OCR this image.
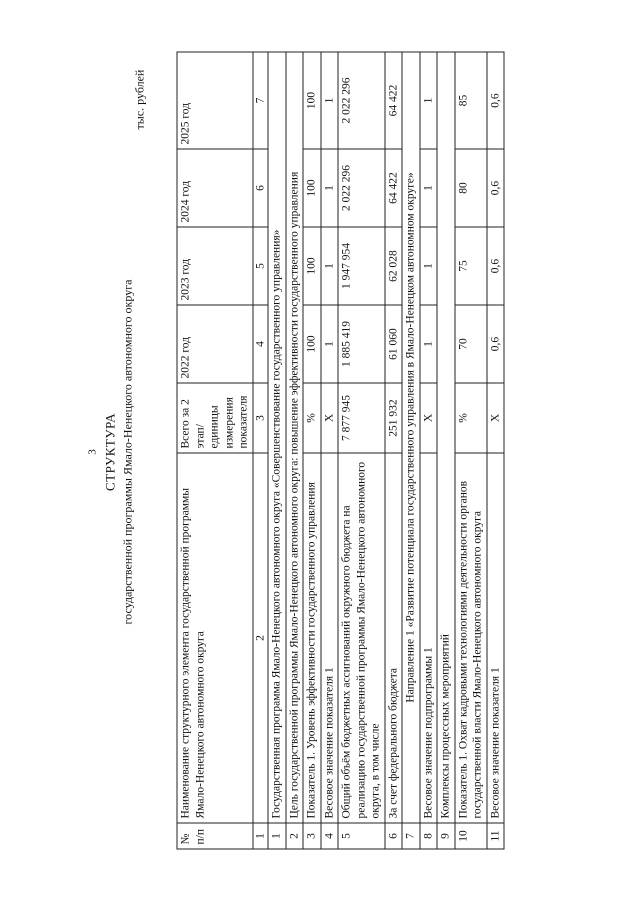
3 СТРУКТУРА государственной программы Ямало-Ненецкого автономного округа
тыс. рублей
№ п/п	Наименование структурного элемента государственной программы Ямало-Ненецкого автономного округа	Всего за 2 этап/ единицы измерения показателя	2022 год	2023 год	2024 год	2025 год
1	2	3	4	5	6	7
1	Государственная программа Ямало-Ненецкого автономного округа «Совершенствование государственного управления»					
2	Цель государственной программы Ямало-Ненецкого автономного округа: повышение эффективности государственного управления					
3	Показатель 1. Уровень эффективности государственного управления	%	100	100	100	100
4	Весовое значение показателя 1	Х	1	1	1	1
5	Общий объём бюджетных ассигнований окружного бюджета на реализацию государственной программы Ямало-Ненецкого автономного округа, в том числе	7 877 945	1 885 419	1 947 954	2 022 296	2 022 296
6	За счет федерального бюджета	251 932	61 060	62 028	64 422	64 422
7	Направление 1 «Развитие потенциала государственного управления в Ямало-Ненецком автономном округе»					
8	Весовое значение подпрограммы 1	Х	1	1	1	1
9	Комплексы процессных мероприятий					
10	Показатель 1. Охват кадровыми технологиями деятельности органов государственной власти Ямало-Ненецкого автономного округа	%	70	75	80	85
11	Весовое значение показателя 1	Х	0,6	0,6	0,6	0,6
